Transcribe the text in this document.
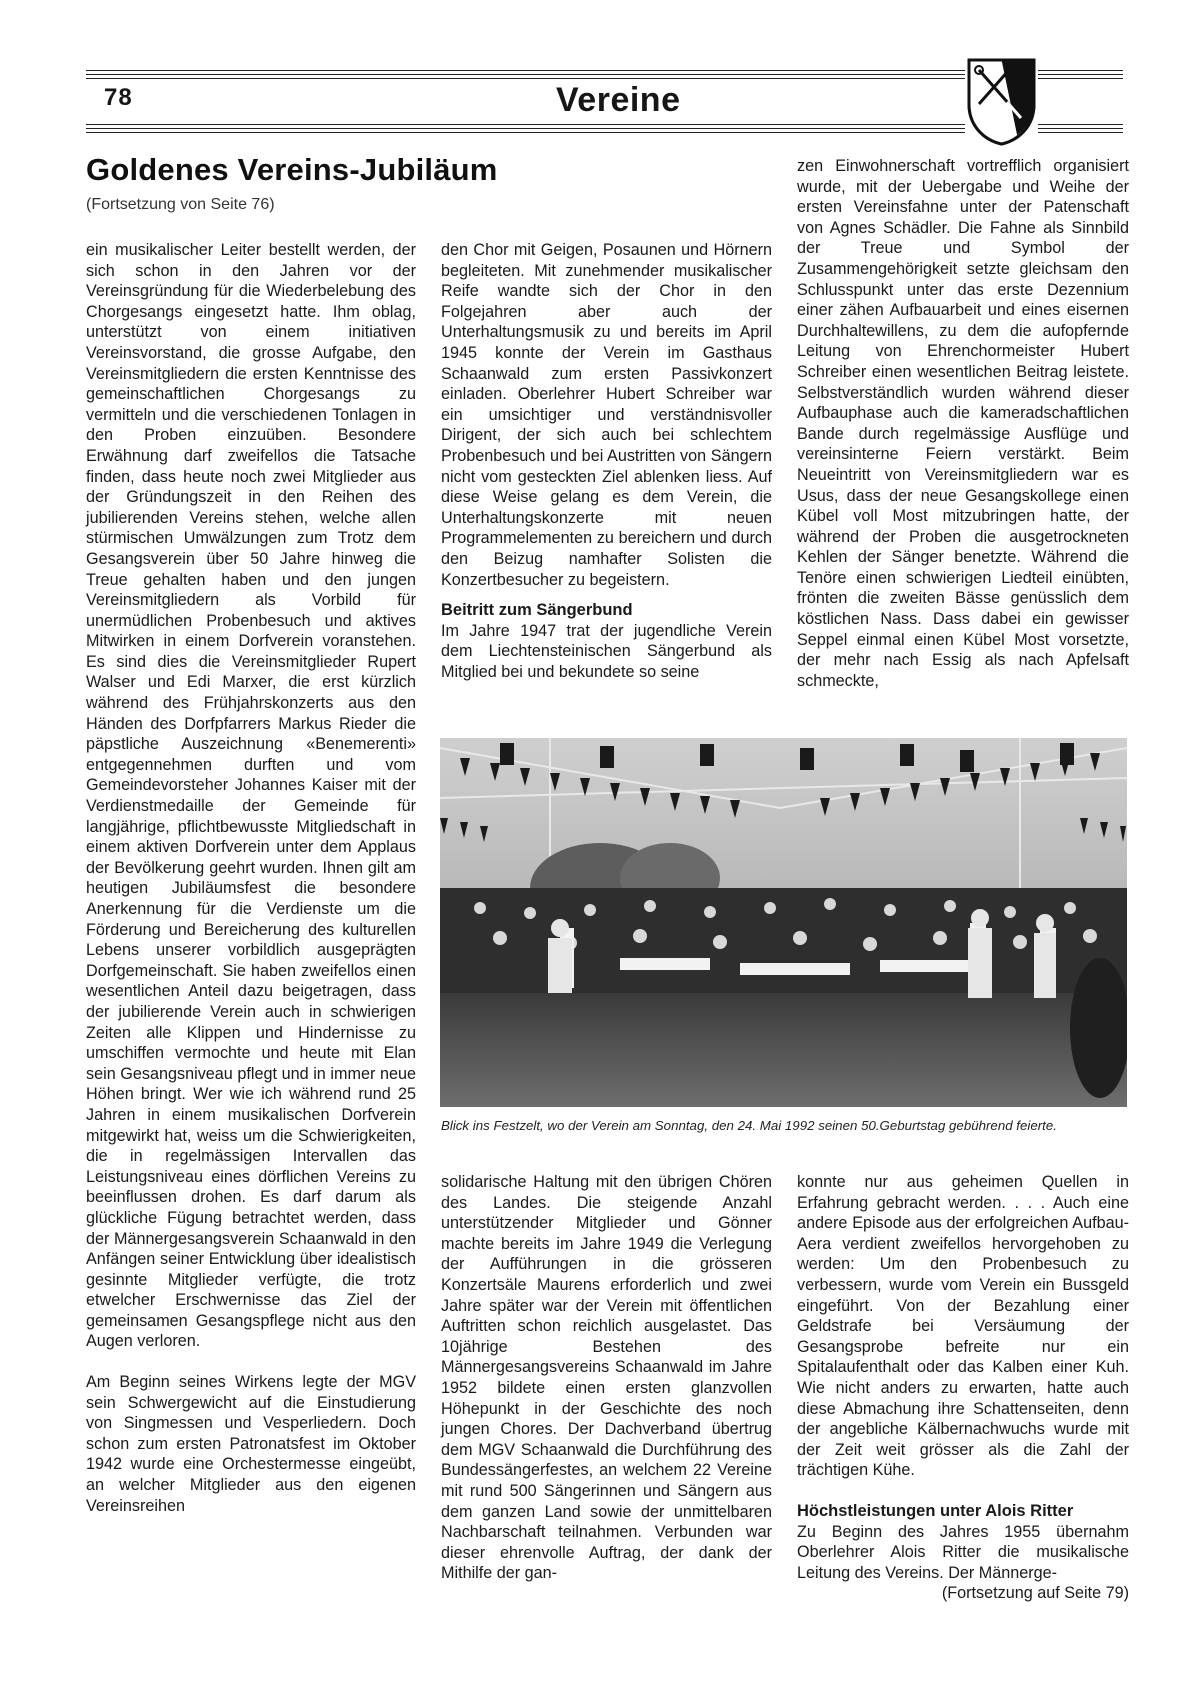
78	Vereine
Goldenes Vereins-Jubiläum
(Fortsetzung von Seite 76)

ein musikalischer Leiter bestellt werden, der sich schon in den Jahren vor der Vereinsgründung für die Wiederbelebung des Chorgesangs eingesetzt hatte. Ihm oblag, unterstützt von einem initiativen Vereinsvorstand, die grosse Aufgabe, den Vereinsmitgliedern die ersten Kenntnisse des gemeinschaftlichen Chorgesangs zu vermitteln und die verschiedenen Tonlagen in den Proben einzuüben. Besondere Erwähnung darf zweifellos die Tatsache finden, dass heute noch zwei Mitglieder aus der Gründungszeit in den Reihen des jubilierenden Vereins stehen, welche allen stürmischen Umwälzungen zum Trotz dem Gesangsverein über 50 Jahre hinweg die Treue gehalten haben und den jungen Vereinsmitgliedern als Vorbild für unermüdlichen Probenbesuch und aktives Mitwirken in einem Dorfverein voranstehen. Es sind dies die Vereinsmitglieder Rupert Walser und Edi Marxer, die erst kürzlich während des Frühjahrskonzerts aus den Händen des Dorfpfarrers Markus Rieder die päpstliche Auszeichnung «Benemerenti» entgegennehmen durften und vom Gemeindevorsteher Johannes Kaiser mit der Verdienstmedaille der Gemeinde für langjährige, pflichtbewusste Mitgliedschaft in einem aktiven Dorfverein unter dem Applaus der Bevölkerung geehrt wurden. Ihnen gilt am heutigen Jubiläumsfest die besondere Anerkennung für die Verdienste um die Förderung und Bereicherung des kulturellen Lebens unserer vorbildlich ausgeprägten Dorfgemeinschaft. Sie haben zweifellos einen wesentlichen Anteil dazu beigetragen, dass der jubilierende Verein auch in schwierigen Zeiten alle Klippen und Hindernisse zu umschiffen vermochte und heute mit Elan sein Gesangsniveau pflegt und in immer neue Höhen bringt. Wer wie ich während rund 25 Jahren in einem musikalischen Dorfverein mitgewirkt hat, weiss um die Schwierigkeiten, die in regelmässigen Intervallen das Leistungsniveau eines dörflichen Vereins zu beeinflussen drohen. Es darf darum als glückliche Fügung betrachtet werden, dass der Männergesangsverein Schaanwald in den Anfängen seiner Entwicklung über idealistisch gesinnte Mitglieder verfügte, die trotz etwelcher Erschwernisse das Ziel der gemeinsamen Gesangspflege nicht aus den Augen verloren.

Am Beginn seines Wirkens legte der MGV sein Schwergewicht auf die Einstudierung von Singmessen und Vesperliedern. Doch schon zum ersten Patronatsfest im Oktober 1942 wurde eine Orchestermesse eingeübt, an welcher Mitglieder aus den eigenen Vereinsreihen

den Chor mit Geigen, Posaunen und Hörnern begleiteten. Mit zunehmender musikalischer Reife wandte sich der Chor in den Folgejahren aber auch der Unterhaltungsmusik zu und bereits im April 1945 konnte der Verein im Gasthaus Schaanwald zum ersten Passivkonzert einladen. Oberlehrer Hubert Schreiber war ein umsichtiger und verständnisvoller Dirigent, der sich auch bei schlechtem Probenbesuch und bei Austritten von Sängern nicht vom gesteckten Ziel ablenken liess. Auf diese Weise gelang es dem Verein, die Unterhaltungskonzerte mit neuen Programmelementen zu bereichern und durch den Beizug namhafter Solisten die Konzertbesucher zu begeistern.

Beitritt zum Sängerbund

Im Jahre 1947 trat der jugendliche Verein dem Liechtensteinischen Sängerbund als Mitglied bei und bekundete so seine

zen Einwohnerschaft vortrefflich organisiert wurde, mit der Uebergabe und Weihe der ersten Vereinsfahne unter der Patenschaft von Agnes Schädler. Die Fahne als Sinnbild der Treue und Symbol der Zusammengehörigkeit setzte gleichsam den Schlusspunkt unter das erste Dezennium einer zähen Aufbauarbeit und eines eisernen Durchhaltewillens, zu dem die aufopfernde Leitung von Ehrenchormeister Hubert Schreiber einen wesentlichen Beitrag leistete. Selbstverständlich wurden während dieser Aufbauphase auch die kameradschaftlichen Bande durch regelmässige Ausflüge und vereinsinterne Feiern verstärkt. Beim Neueintritt von Vereinsmitgliedern war es Usus, dass der neue Gesangskollege einen Kübel voll Most mitzubringen hatte, der während der Proben die ausgetrockneten Kehlen der Sänger benetzte. Während die Tenöre einen schwierigen Liedteil einübten, frönten die zweiten Bässe genüsslich dem köstlichen Nass. Dass dabei ein gewisser Seppel einmal einen Kübel Most vorsetzte, der mehr nach Essig als nach Apfelsaft schmeckte,

Blick ins Festzelt, wo der Verein am Sonntag, den 24. Mai 1992 seinen 50.Geburtstag gebührend feierte.

solidarische Haltung mit den übrigen Chören des Landes. Die steigende Anzahl unterstützender Mitglieder und Gönner machte bereits im Jahre 1949 die Verlegung der Aufführungen in die grösseren Konzertsäle Maurens erforderlich und zwei Jahre später war der Verein mit öffentlichen Auftritten schon reichlich ausgelastet. Das 10jährige Bestehen des Männergesangsvereins Schaanwald im Jahre 1952 bildete einen ersten glanzvollen Höhepunkt in der Geschichte des noch jungen Chores. Der Dachverband übertrug dem MGV Schaanwald die Durchführung des Bundessängerfestes, an welchem 22 Vereine mit rund 500 Sängerinnen und Sängern aus dem ganzen Land sowie der unmittelbaren Nachbarschaft teilnahmen. Verbunden war dieser ehrenvolle Auftrag, der dank der Mithilfe der gan-

konnte nur aus geheimen Quellen in Erfahrung gebracht werden. . . . Auch eine andere Episode aus der erfolgreichen Aufbau-Aera verdient zweifellos hervorgehoben zu werden: Um den Probenbesuch zu verbessern, wurde vom Verein ein Bussgeld eingeführt. Von der Bezahlung einer Geldstrafe bei Versäumung der Gesangsprobe befreite nur ein Spitalaufenthalt oder das Kalben einer Kuh. Wie nicht anders zu erwarten, hatte auch diese Abmachung ihre Schattenseiten, denn der angebliche Kälbernachwuchs wurde mit der Zeit weit grösser als die Zahl der trächtigen Kühe.

Höchstleistungen unter Alois Ritter

Zu Beginn des Jahres 1955 übernahm Oberlehrer Alois Ritter die musikalische Leitung des Vereins. Der Männerge-

(Fortsetzung auf Seite 79)
